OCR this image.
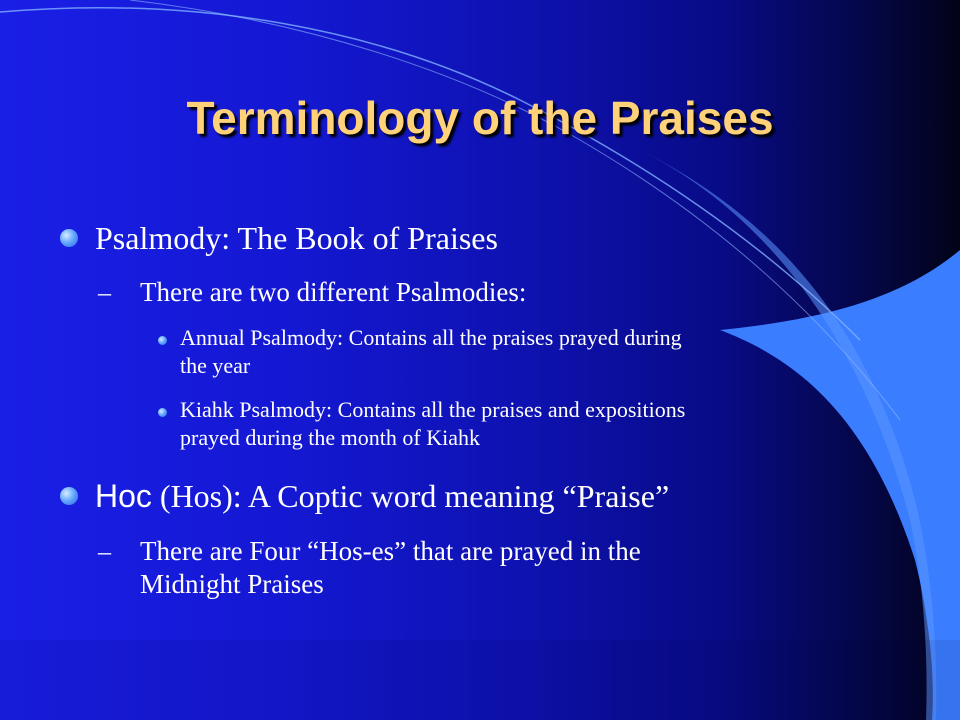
Terminology of the Praises
Psalmody: The Book of Praises
– There are two different Psalmodies:
Annual Psalmody: Contains all the praises prayed during
the year
Kiahk Psalmody: Contains all the praises and expositions
prayed during the month of Kiahk
Hoc (Hos): A Coptic word meaning “Praise”
– There are Four “Hos-es” that are prayed in the
Midnight Praises
